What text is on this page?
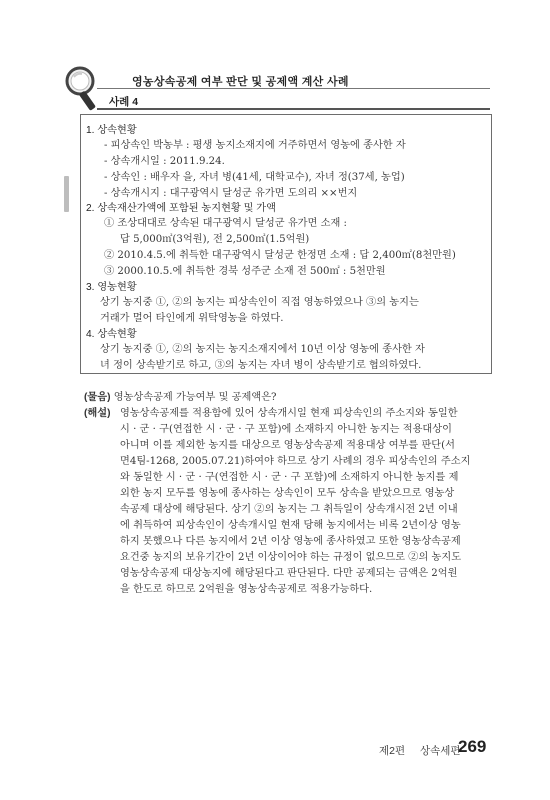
영농상속공제 여부 판단 및 공제액 계산 사례
사례 4
1. 상속현황
- 피상속인 박농부 : 평생 농지소재지에 거주하면서 영농에 종사한 자
- 상속개시일 : 2011.9.24.
- 상속인 : 배우자 을, 자녀 병(41세, 대학교수), 자녀 정(37세, 농업)
- 상속개시지 : 대구광역시 달성군 유가면 도의리 ××번지
2. 상속재산가액에 포함된 농지현황 및 가액
① 조상대대로 상속된 대구광역시 달성군 유가면 소재 :
답 5,000㎡(3억원), 전 2,500㎡(1.5억원)
② 2010.4.5.에 취득한 대구광역시 달성군 한정면 소재 : 답 2,400㎡(8천만원)
③ 2000.10.5.에 취득한 경북 성주군 소재 전 500㎡ : 5천만원
3. 영농현황
상기 농지중 ①, ②의 농지는 피상속인이 직접 영농하였으나 ③의 농지는
거래가 멀어 타인에게 위탁영농을 하였다.
4. 상속현황
상기 농지중 ①, ②의 농지는 농지소재지에서 10년 이상 영농에 종사한 자
녀 정이 상속받기로 하고, ③의 농지는 자녀 병이 상속받기로 협의하였다.
(물음) 영농상속공제 가능여부 및 공제액은?
(해설) 영농상속공제를 적용함에 있어 상속개시일 현재 피상속인의 주소지와 동일한
시 · 군 · 구(연접한 시 · 군 · 구 포함)에 소재하지 아니한 농지는 적용대상이
아니며 이를 제외한 농지를 대상으로 영농상속공제 적용대상 여부를 판단(서
면4팀-1268, 2005.07.21)하여야 하므로 상기 사례의 경우 피상속인의 주소지
와 동일한 시 · 군 · 구(연접한 시 · 군 · 구 포함)에 소재하지 아니한 농지를 제
외한 농지 모두를 영농에 종사하는 상속인이 모두 상속을 받았으므로 영농상
속공제 대상에 해당된다. 상기 ②의 농지는 그 취득일이 상속개시전 2년 이내
에 취득하여 피상속인이 상속개시일 현재 당해 농지에서는 비록 2년이상 영농
하지 못했으나 다른 농지에서 2년 이상 영농에 종사하였고 또한 영농상속공제
요건중 농지의 보유기간이 2년 이상이어야 하는 규정이 없으므로 ②의 농지도
영농상속공제 대상농지에 해당된다고 판단된다. 다만 공제되는 금액은 2억원
을 한도로 하므로 2억원을 영농상속공제로 적용가능하다.
제2편 상속세편
269
